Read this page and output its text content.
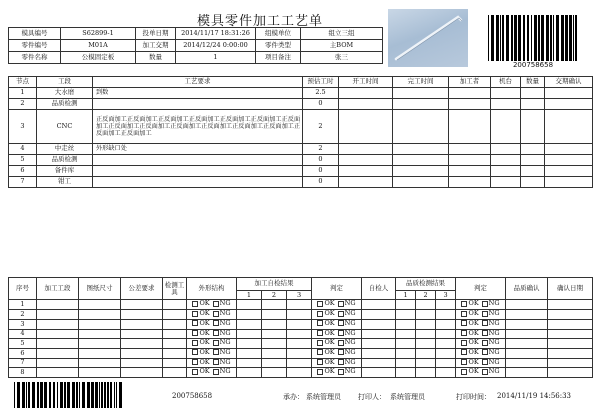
模具零件加工工艺单
模具编号	S62899-1	投单日期	2014/11/17 18:31:26	组模单位	组立三组
零件编号	M01A	加工交期	2014/12/24 0:00:00	零件类型	主BOM
零件名称	公模固定板	数量	1	项目备注	张三
200758658
节点	工段	工艺要求	预估工时	开工时间	完工时间	加工者	机台	数量	交期确认
1	大水磨	到数	2.5						
2	品质检测		0						
3	CNC	正反面加工正反面加工正反面加工正反面加工正反面加工正反面加工正反面加工正反面加工正反面加工正反面加工正反面加工正反面加工正反面加工正反面加工正反面加工	2						
4	中走丝	外形缺口处	2						
5	品质检测		0						
6	备件库		0						
7	钳工		0						
序号	加工工段	图纸尺寸	公差要求	检测工具	外形结构	加工自检结果			判定	自检人	品质检测结果			判定	品质确认	确认日期
						1	2	3			1	2	3			
1					OK NG				OK NG					OK NG		

2					OK NG				OK NG					OK NG		

3					OK NG				OK NG					OK NG		

4					OK NG				OK NG					OK NG		

5					OK NG				OK NG					OK NG		

6					OK NG				OK NG					OK NG		

7					OK NG				OK NG					OK NG		

8					OK NG				OK NG					OK NG		

200758658	承办： 系统管理员 打印人： 系统管理员	打印时间： 2014/11/19 14:56:33
